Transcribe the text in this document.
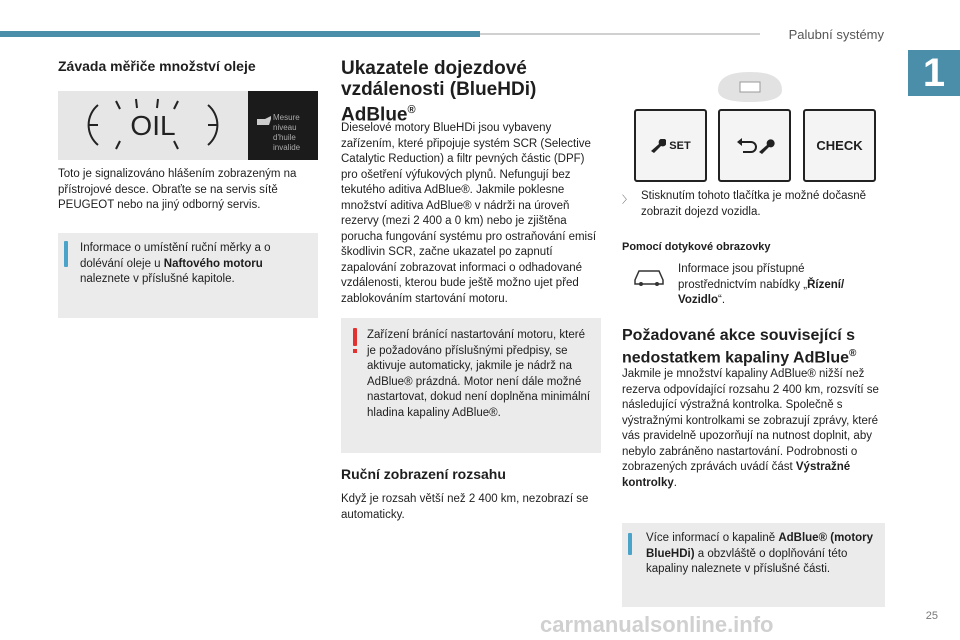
Palubní systémy
1
25
carmanualsonline.info
Závada měřiče množství oleje
OIL	Mesure niveau
d'huile invalide

Toto je signalizováno hlášením zobrazeným na přístrojové desce. Obraťte se na servis sítě PEUGEOT nebo na jiný odborný servis.

Informace o umístění ruční měrky a o dolévání oleje u Naftového motoru naleznete v příslušné kapitole.

Ukazatele dojezdové
vzdálenosti (BlueHDi)
AdBlue®

Dieselové motory BlueHDi jsou vybaveny zařízením, které připojuje systém SCR (Selective Catalytic Reduction) a filtr pevných částic (DPF) pro ošetření výfukových plynů. Nefungují bez tekutého aditiva AdBlue®. Jakmile poklesne množství aditiva AdBlue® v nádrži na úroveň rezervy (mezi 2 400 a 0 km) nebo je zjištěna porucha fungování systému pro ostraňování emisí škodlivin SCR, začne ukazatel po zapnutí zapalování zobrazovat informaci o odhadované vzdálenosti, kterou bude ještě možno ujet před zablokováním startování motoru.

Zařízení bránící nastartování motoru, které je požadováno příslušnými předpisy, se aktivuje automaticky, jakmile je nádrž na AdBlue® prázdná. Motor není dále možné nastartovat, dokud není doplněna minimální hladina kapaliny AdBlue®.

Ruční zobrazení rozsahu

Když je rozsah větší než 2 400 km, nezobrazí se automaticky.

SET	CHECK
〉 Stisknutím tohoto tlačítka je možné dočasně zobrazit dojezd vozidla.

Pomocí dotykové obrazovky

Informace jsou přístupné prostřednictvím nabídky „Řízení/ Vozidlo“.

Požadované akce související s
nedostatkem kapaliny AdBlue®

Jakmile je množství kapaliny AdBlue® nižší než rezerva odpovídající rozsahu 2 400 km, rozsvítí se následující výstražná kontrolka. Společně s výstražnými kontrolkami se zobrazují zprávy, které vás pravidelně upozorňují na nutnost doplnit, aby nebylo zabráněno nastartování. Podrobnosti o zobrazených zprávách uvádí část Výstražné kontrolky.

Více informací o kapalině AdBlue® (motory BlueHDi) a obzvláště o doplňování této kapaliny naleznete v příslušné části.
